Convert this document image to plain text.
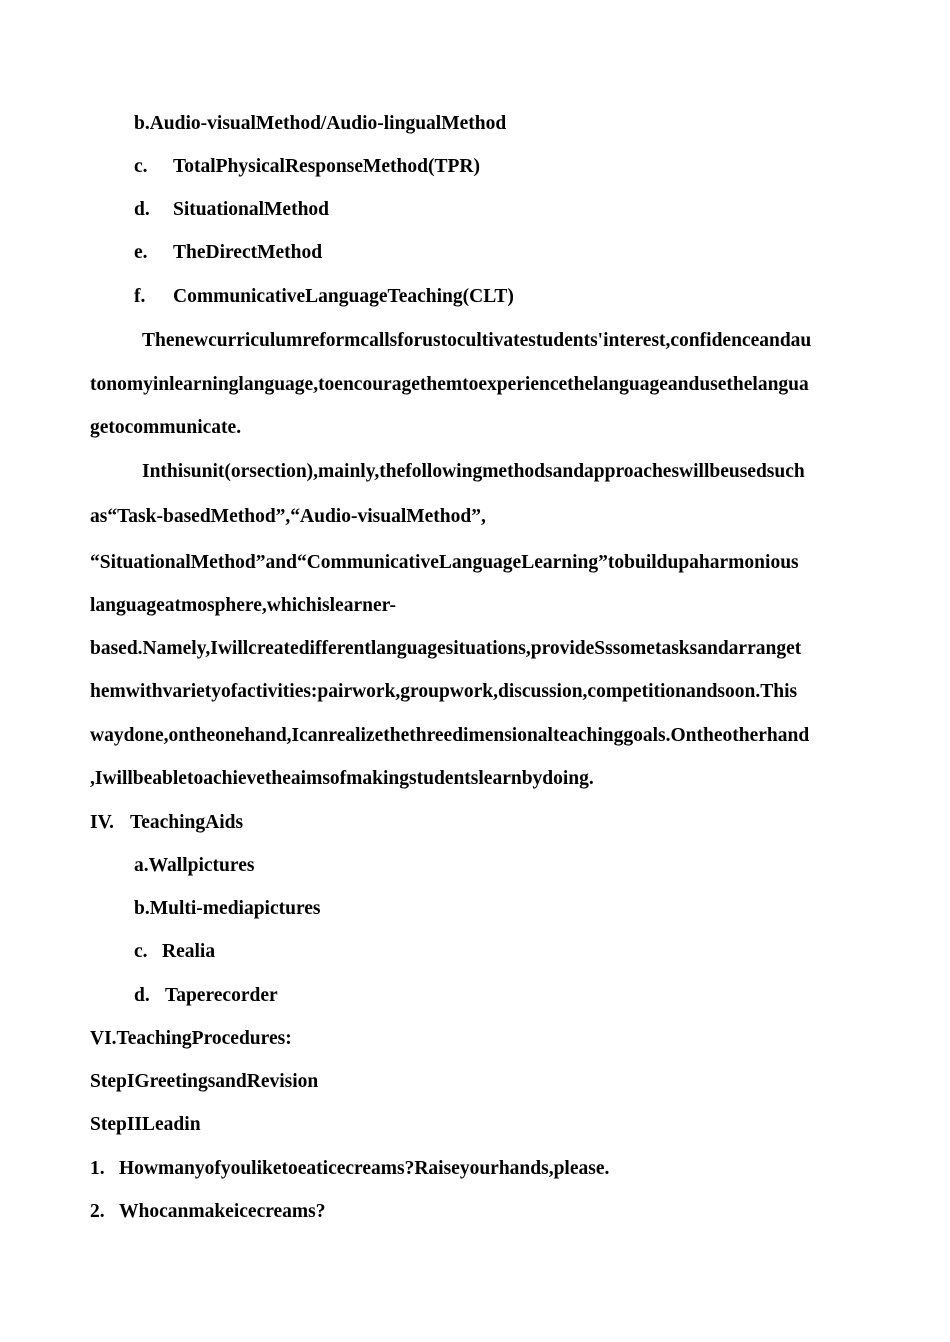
b.Audio-visualMethod/Audio-lingualMethod
c. TotalPhysicalResponseMethod(TPR)
d. SituationalMethod
e. TheDirectMethod
f. CommunicativeLanguageTeaching(CLT)
Thenewcurriculumreformcallsforustocultivatestudents'interest,confidenceandau
tonomyinlearninglanguage,toencouragethemtoexperiencethelanguageandusethelangua
getocommunicate.
Inthisunit(orsection),mainly,thefollowingmethodsandapproacheswillbeusedsuch
as“Task-basedMethod”,“Audio-visualMethod”,
“SituationalMethod”and“CommunicativeLanguageLearning”tobuildupaharmonious
languageatmosphere,whichislearner-
based.Namely,Iwillcreatedifferentlanguagesituations,provideSssometasksandarranget
hemwithvarietyofactivities:pairwork,groupwork,discussion,competitionandsoon.This
waydone,ontheonehand,Icanrealizethethreedimensionalteachinggoals.Ontheotherhand
,Iwillbeabletoachievetheaimsofmakingstudentslearnbydoing.
IV. TeachingAids
a.Wallpictures
b.Multi-mediapictures
c. Realia
d. Taperecorder
VI.TeachingProcedures:
StepIGreetingsandRevision
StepIILeadin
1. Howmanyofyouliketoeaticecreams?Raiseyourhands,please.
2. Whocanmakeicecreams?
